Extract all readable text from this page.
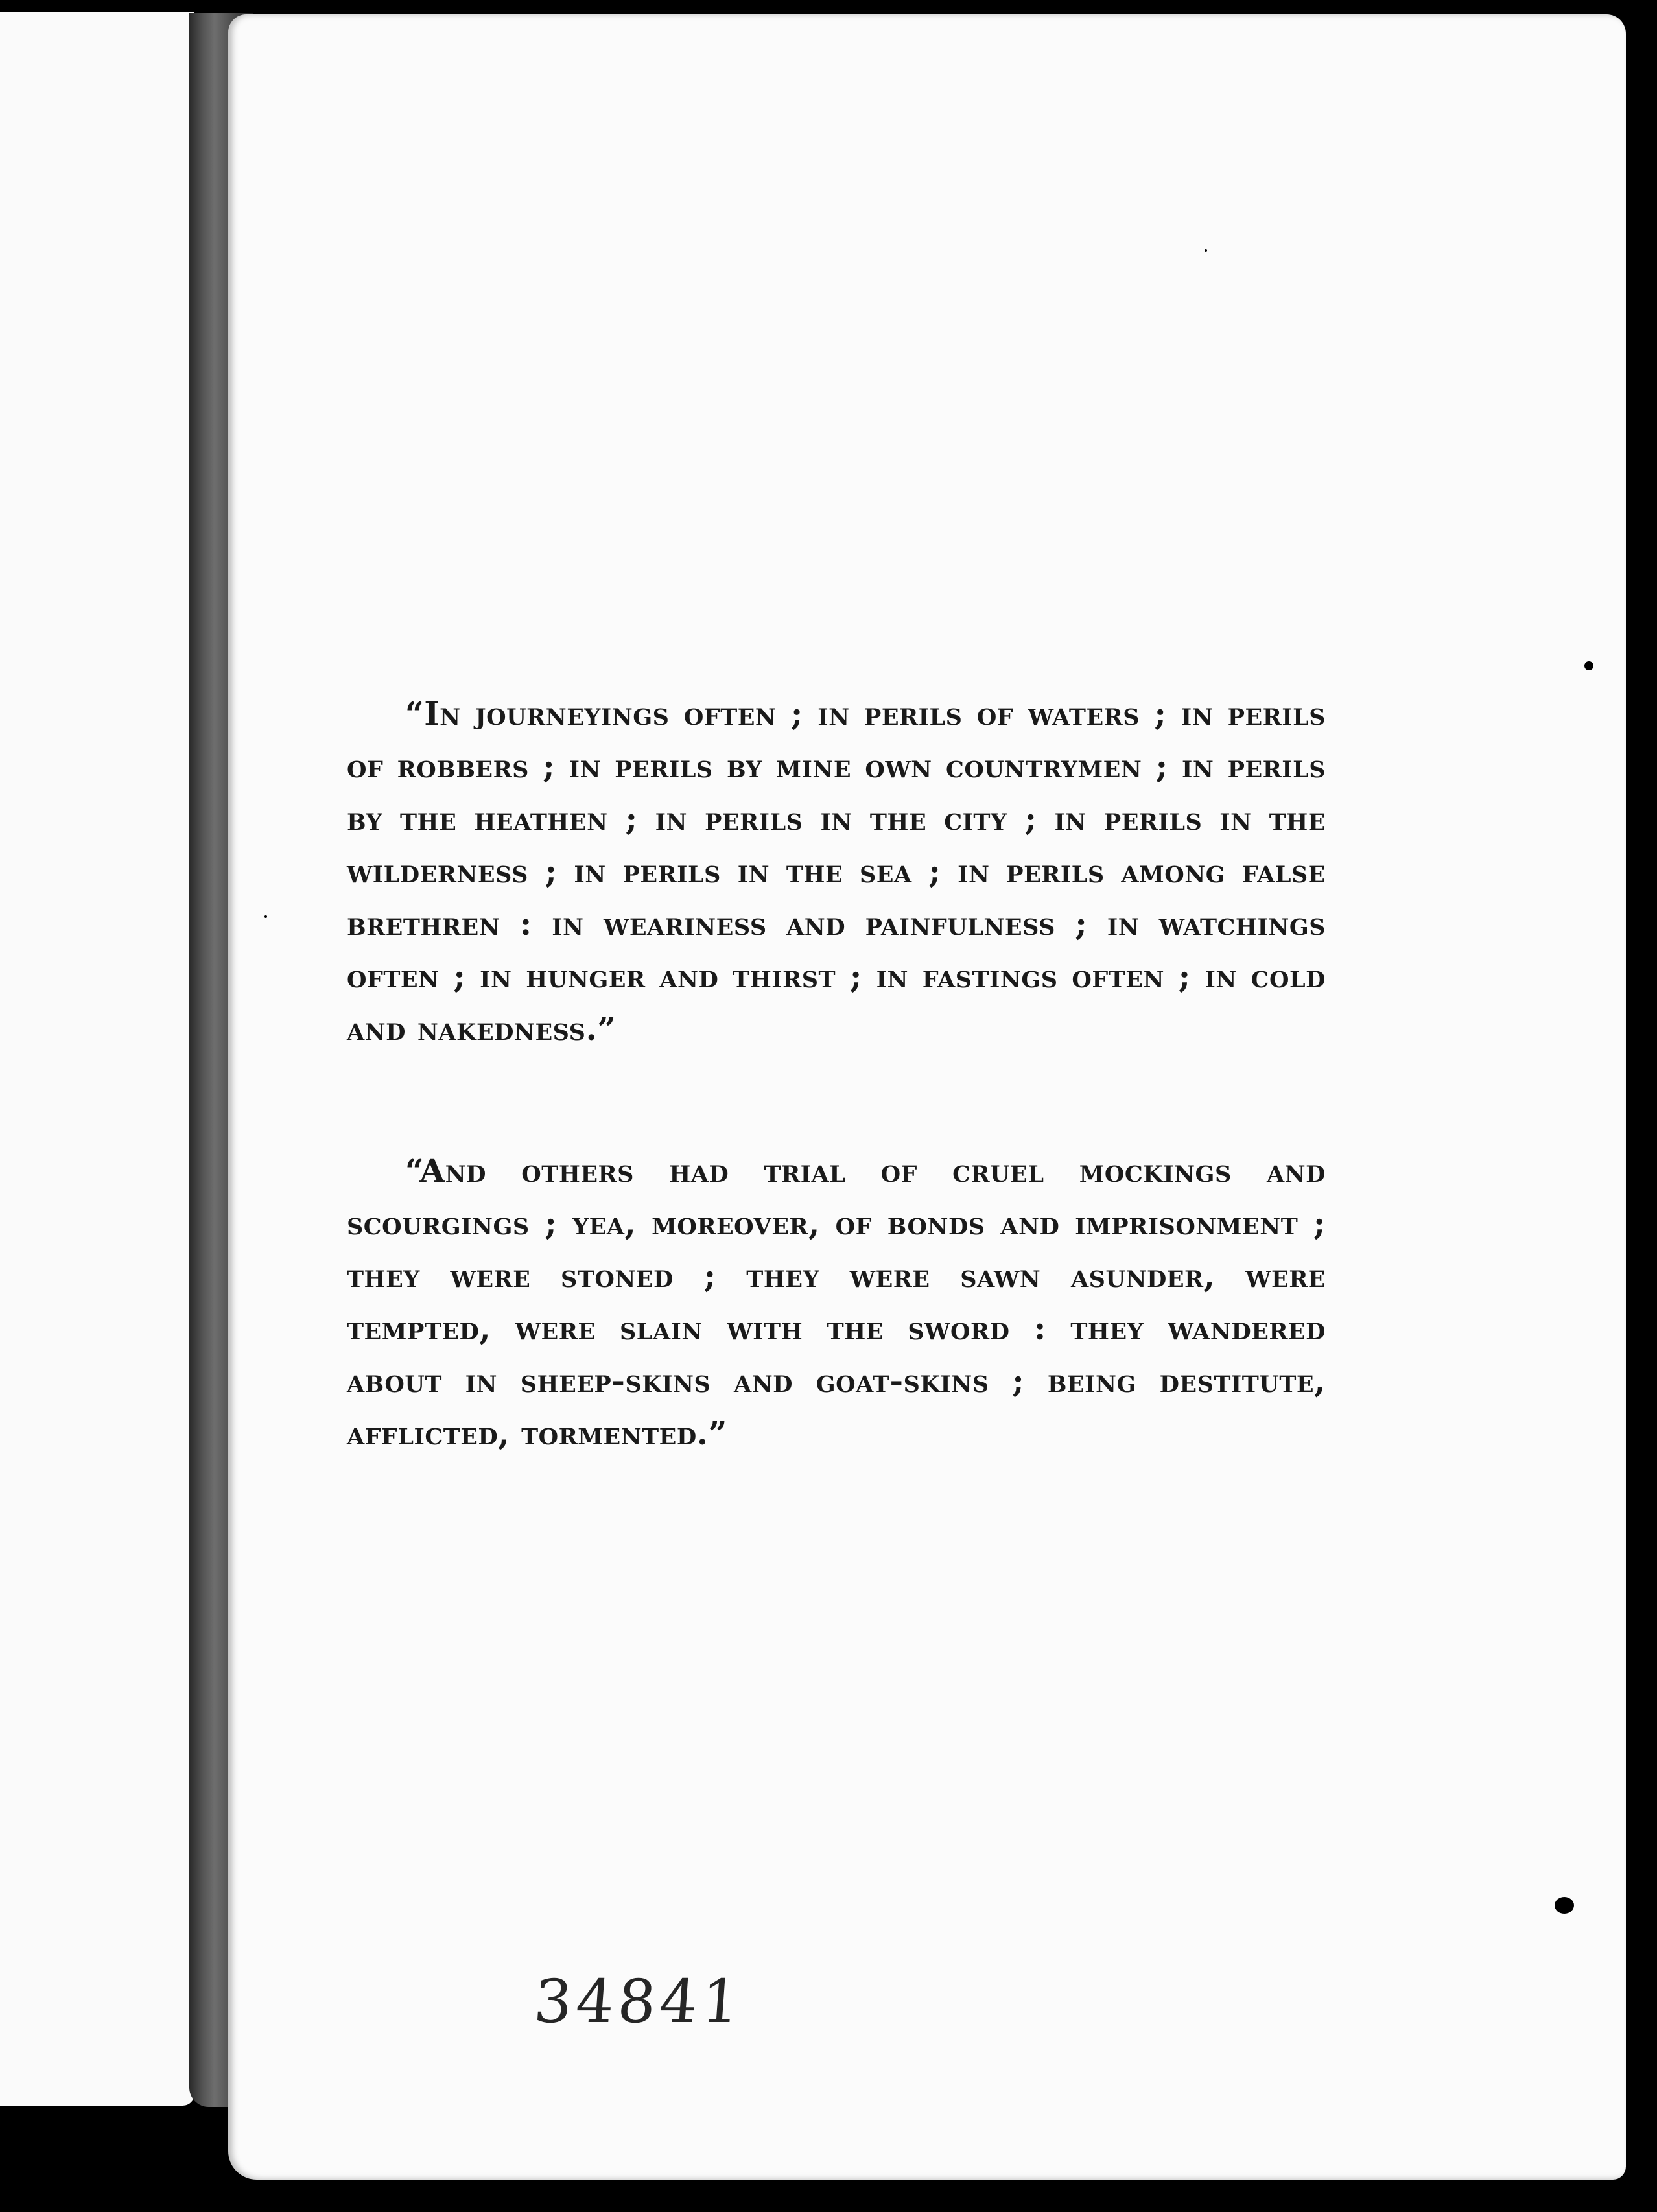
“In journeyings often ; in perils of waters ; in perils of robbers ; in perils by mine own countrymen ; in perils by the heathen ; in perils in the city ; in perils in the wilderness ; in perils in the sea ; in perils among false brethren : in weariness and painfulness ; in watchings often ; in hunger and thirst ; in fastings often ; in cold and nakedness.”

“And others had trial of cruel mockings and scourgings ; yea, moreover, of bonds and imprisonment ; they were stoned ; they were sawn asunder, were tempted, were slain with the sword : they wandered about in sheep-skins and goat-skins ; being destitute, afflicted, tormented.”

34841
